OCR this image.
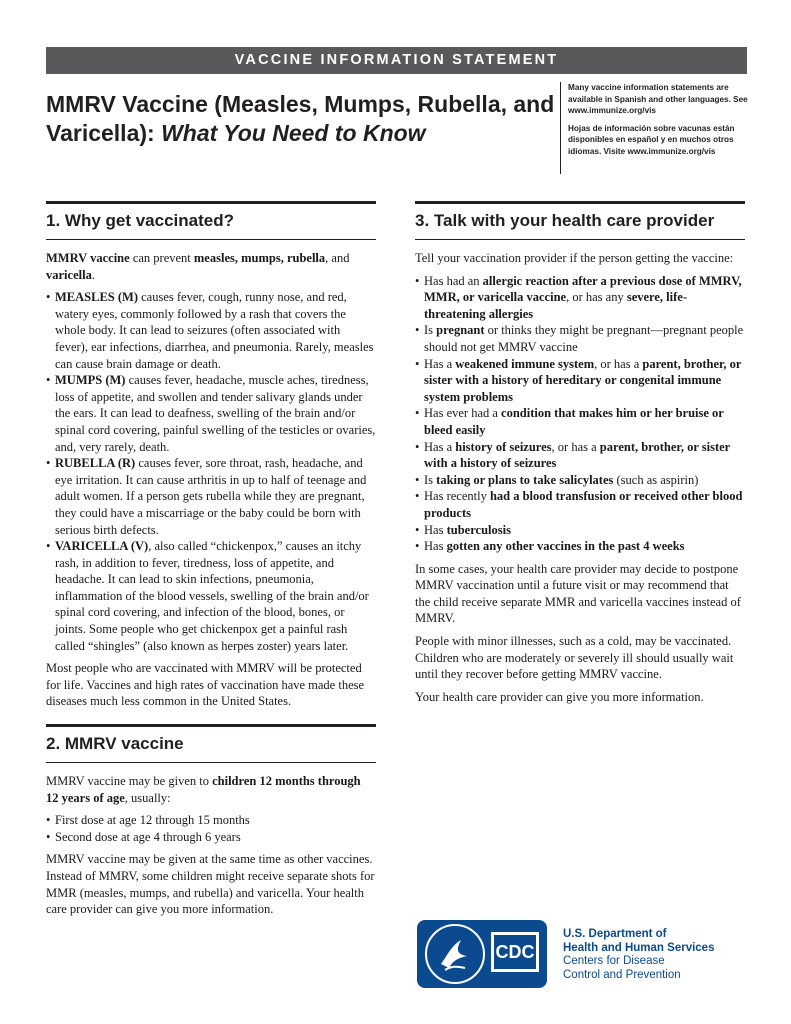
VACCINE INFORMATION STATEMENT
MMRV Vaccine (Measles, Mumps, Rubella, and Varicella): What You Need to Know

Many vaccine information statements are available in Spanish and other languages. See www.immunize.org/vis

Hojas de información sobre vacunas están disponibles en español y en muchos otros idiomas. Visite www.immunize.org/vis

1. Why get vaccinated?

MMRV vaccine can prevent measles, mumps, rubella, and varicella.

• MEASLES (M) causes fever, cough, runny nose, and red, watery eyes, commonly followed by a rash that covers the whole body. It can lead to seizures (often associated with fever), ear infections, diarrhea, and pneumonia. Rarely, measles can cause brain damage or death.
• MUMPS (M) causes fever, headache, muscle aches, tiredness, loss of appetite, and swollen and tender salivary glands under the ears. It can lead to deafness, swelling of the brain and/or spinal cord covering, painful swelling of the testicles or ovaries, and, very rarely, death.
• RUBELLA (R) causes fever, sore throat, rash, headache, and eye irritation. It can cause arthritis in up to half of teenage and adult women. If a person gets rubella while they are pregnant, they could have a miscarriage or the baby could be born with serious birth defects.
• VARICELLA (V), also called “chickenpox,” causes an itchy rash, in addition to fever, tiredness, loss of appetite, and headache. It can lead to skin infections, pneumonia, inflammation of the blood vessels, swelling of the brain and/or spinal cord covering, and infection of the blood, bones, or joints. Some people who get chickenpox get a painful rash called “shingles” (also known as herpes zoster) years later.

Most people who are vaccinated with MMRV will be protected for life. Vaccines and high rates of vaccination have made these diseases much less common in the United States.

2. MMRV vaccine

MMRV vaccine may be given to children 12 months through 12 years of age, usually:

• First dose at age 12 through 15 months
• Second dose at age 4 through 6 years

MMRV vaccine may be given at the same time as other vaccines. Instead of MMRV, some children might receive separate shots for MMR (measles, mumps, and rubella) and varicella. Your health care provider can give you more information.

3. Talk with your health care provider

Tell your vaccination provider if the person getting the vaccine:

• Has had an allergic reaction after a previous dose of MMRV, MMR, or varicella vaccine, or has any severe, life-threatening allergies
• Is pregnant or thinks they might be pregnant—pregnant people should not get MMRV vaccine
• Has a weakened immune system, or has a parent, brother, or sister with a history of hereditary or congenital immune system problems
• Has ever had a condition that makes him or her bruise or bleed easily
• Has a history of seizures, or has a parent, brother, or sister with a history of seizures
• Is taking or plans to take salicylates (such as aspirin)
• Has recently had a blood transfusion or received other blood products
• Has tuberculosis
• Has gotten any other vaccines in the past 4 weeks

In some cases, your health care provider may decide to postpone MMRV vaccination until a future visit or may recommend that the child receive separate MMR and varicella vaccines instead of MMRV.

People with minor illnesses, such as a cold, may be vaccinated. Children who are moderately or severely ill should usually wait until they recover before getting MMRV vaccine.

Your health care provider can give you more information.

CDC
U.S. Department of
Health and Human Services
Centers for Disease
Control and Prevention
